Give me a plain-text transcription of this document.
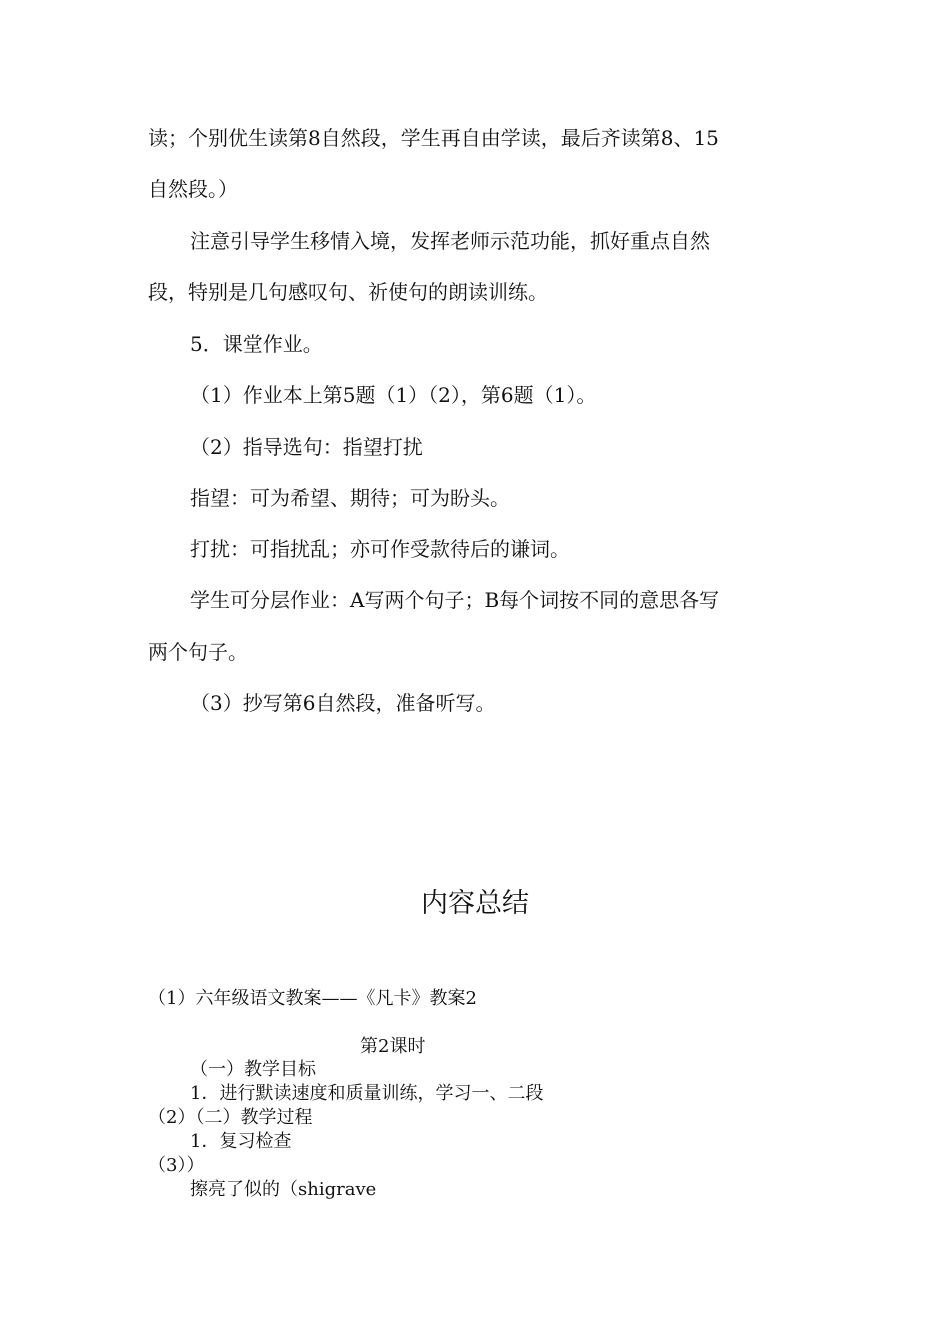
读；个别优生读第8自然段，学生再自由学读，最后齐读第8、15
自然段。）
注意引导学生移情入境，发挥老师示范功能，抓好重点自然
段，特别是几句感叹句、祈使句的朗读训练。
5．课堂作业。
（1）作业本上第5题（1）（2），第6题（1）。
（2）指导选句：指望打扰
指望：可为希望、期待；可为盼头。
打扰：可指扰乱；亦可作受款待后的谦词。
学生可分层作业：A写两个句子；B每个词按不同的意思各写
两个句子。
（3）抄写第6自然段，准备听写。
内容总结
（1）六年级语文教案——《凡卡》教案2
第2课时
（一）教学目标
1．进行默读速度和质量训练，学习一、二段
（2）（二）教学过程
1．复习检查
（3））
擦亮了似的（shigrave
